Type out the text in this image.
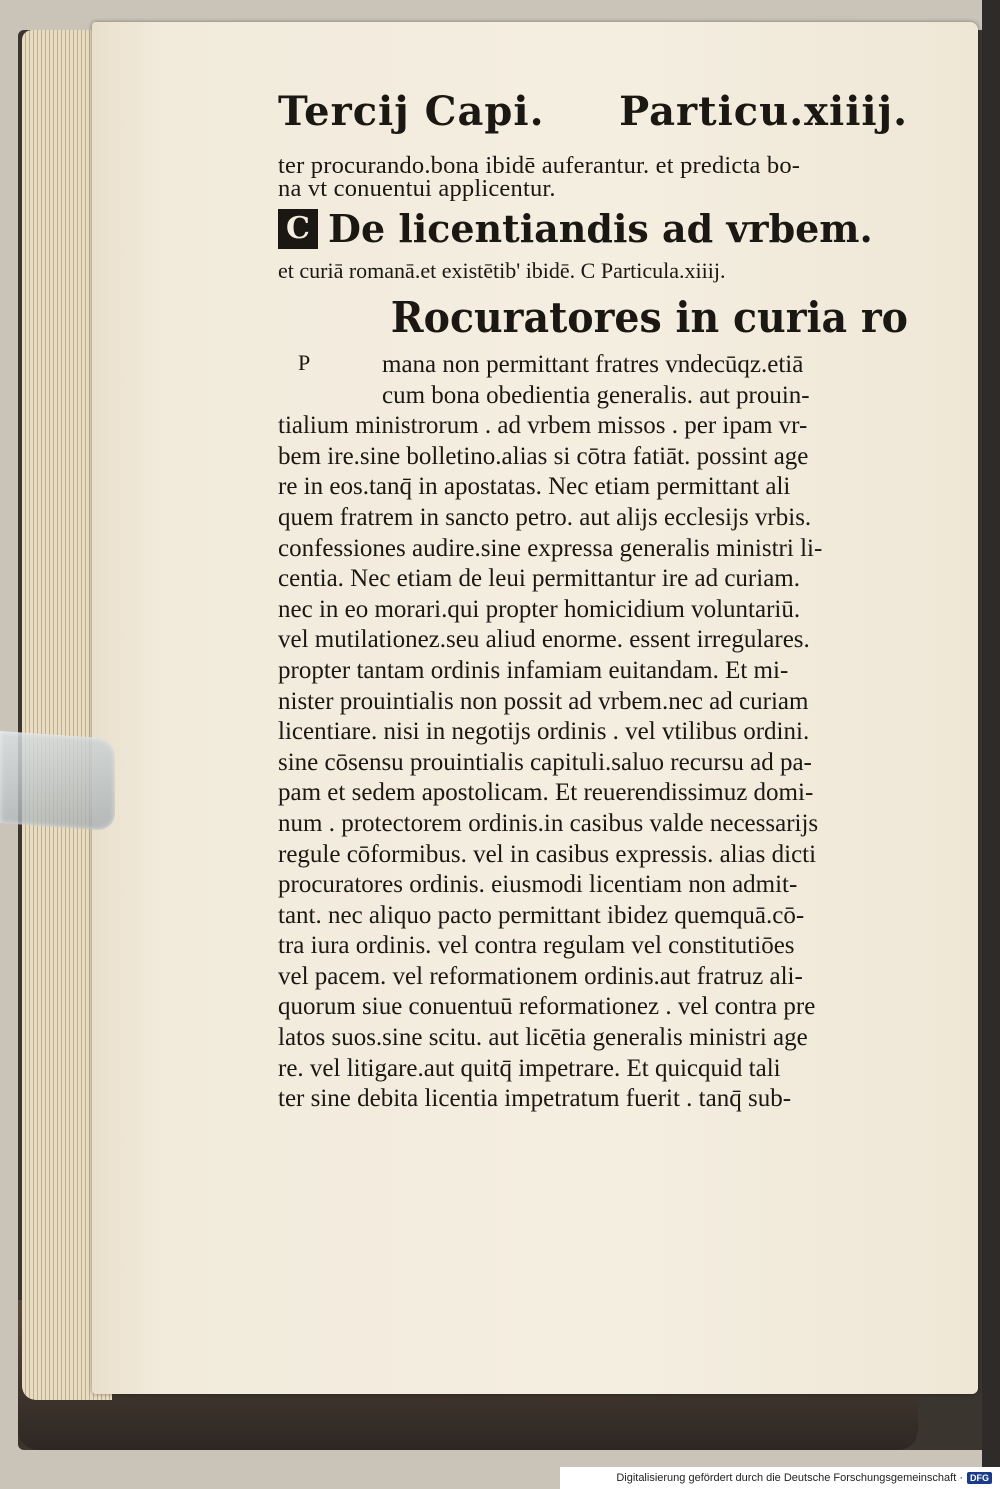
Tercij Capi. Particu.xiiij.
ter procurando.bona ibidē auferantur. et predicta bo-
na vt conuentui applicentur.
C De licentiandis ad vrbem.
et curiā romanā.et existētib' ibidē. C Particula.xiiij.
Rocuratores in curia ro
P	mana non permittant fratres vndecūqz.etiā
cum bona obedientia generalis. aut prouin-
tialium ministrorum . ad vrbem missos . per ipam vr-
bem ire.sine bolletino.alias si cōtra fatiāt. possint age
re in eos.tanq̄ in apostatas. Nec etiam permittant ali
quem fratrem in sancto petro. aut alijs ecclesijs vrbis.
confessiones audire.sine expressa generalis ministri li-
centia. Nec etiam de leui permittantur ire ad curiam.
nec in eo morari.qui propter homicidium voluntariū.
vel mutilationez.seu aliud enorme. essent irregulares.
propter tantam ordinis infamiam euitandam. Et mi-
nister prouintialis non possit ad vrbem.nec ad curiam
licentiare. nisi in negotijs ordinis . vel vtilibus ordini.
sine cōsensu prouintialis capituli.saluo recursu ad pa-
pam et sedem apostolicam. Et reuerendissimuz domi-
num . protectorem ordinis.in casibus valde necessarijs
regule cōformibus. vel in casibus expressis. alias dicti
procuratores ordinis. eiusmodi licentiam non admit-
tant. nec aliquo pacto permittant ibidez quemquā.cō-
tra iura ordinis. vel contra regulam vel constitutiōes
vel pacem. vel reformationem ordinis.aut fratruz ali-
quorum siue conuentuū reformationez . vel contra pre
latos suos.sine scitu. aut licētia generalis ministri age
re. vel litigare.aut quitq̄ impetrare. Et quicquid tali
ter sine debita licentia impetratum fuerit . tanq̄ sub-
Digitalisierung gefördert durch die Deutsche Forschungsgemeinschaft · DFG
